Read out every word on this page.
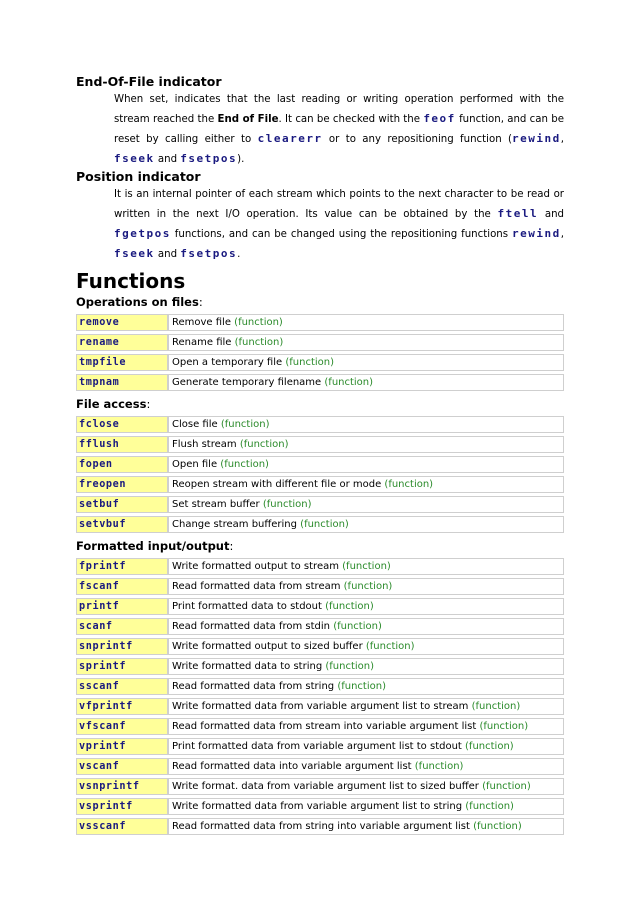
End-Of-File indicator

When set, indicates that the last reading or writing operation performed with the stream reached the End of File. It can be checked with the feof function, and can be reset by calling either to clearerr or to any repositioning function (rewind, fseek and fsetpos).

Position indicator

It is an internal pointer of each stream which points to the next character to be read or written in the next I/O operation. Its value can be obtained by the ftell and fgetpos functions, and can be changed using the repositioning functions rewind, fseek and fsetpos.

Functions
Operations on files:
remove	Remove file (function)
rename	Rename file (function)
tmpfile	Open a temporary file (function)
tmpnam	Generate temporary filename (function)
File access:
fclose	Close file (function)
fflush	Flush stream (function)
fopen	Open file (function)
freopen	Reopen stream with different file or mode (function)
setbuf	Set stream buffer (function)
setvbuf	Change stream buffering (function)
Formatted input/output:
fprintf	Write formatted output to stream (function)
fscanf	Read formatted data from stream (function)
printf	Print formatted data to stdout (function)
scanf	Read formatted data from stdin (function)
snprintf	Write formatted output to sized buffer (function)
sprintf	Write formatted data to string (function)
sscanf	Read formatted data from string (function)
vfprintf	Write formatted data from variable argument list to stream (function)
vfscanf	Read formatted data from stream into variable argument list (function)
vprintf	Print formatted data from variable argument list to stdout (function)
vscanf	Read formatted data into variable argument list (function)
vsnprintf	Write format. data from variable argument list to sized buffer (function)
vsprintf	Write formatted data from variable argument list to string (function)
vsscanf	Read formatted data from string into variable argument list (function)
